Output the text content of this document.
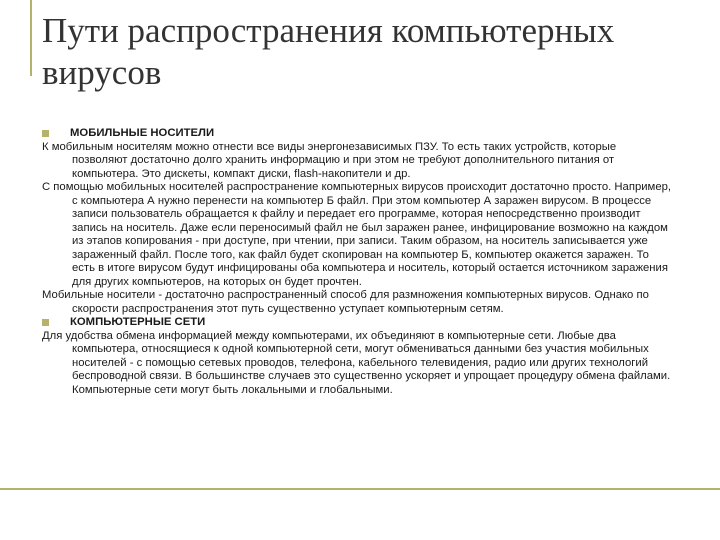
Пути распространения компьютерных вирусов
МОБИЛЬНЫЕ НОСИТЕЛИ
К мобильным носителям можно отнести все виды энергонезависимых ПЗУ. То есть таких устройств, которые позволяют достаточно долго хранить информацию и при этом не требуют дополнительного питания от компьютера. Это дискеты, компакт диски, flash-накопители и др.
С помощью мобильных носителей распространение компьютерных вирусов происходит достаточно просто. Например, с компьютера А нужно перенести на компьютер Б файл. При этом компьютер А заражен вирусом. В процессе записи пользователь обращается к файлу и передает его программе, которая непосредственно производит запись на носитель. Даже если переносимый файл не был заражен ранее, инфицирование возможно на каждом из этапов копирования - при доступе, при чтении, при записи. Таким образом, на носитель записывается уже зараженный файл. После того, как файл будет скопирован на компьютер Б, компьютер окажется заражен. То есть в итоге вирусом будут инфицированы оба компьютера и носитель, который остается источником заражения для других компьютеров, на которых он будет прочтен.
Мобильные носители - достаточно распространенный способ для размножения компьютерных вирусов. Однако по скорости распространения этот путь существенно уступает компьютерным сетям.
КОМПЬЮТЕРНЫЕ СЕТИ
Для удобства обмена информацией между компьютерами, их объединяют в компьютерные сети. Любые два компьютера, относящиеся к одной компьютерной сети, могут обмениваться данными без участия мобильных носителей - с помощью сетевых проводов, телефона, кабельного телевидения, радио или других технологий беспроводной связи. В большинстве случаев это существенно ускоряет и упрощает процедуру обмена файлами. Компьютерные сети могут быть локальными и глобальными.
